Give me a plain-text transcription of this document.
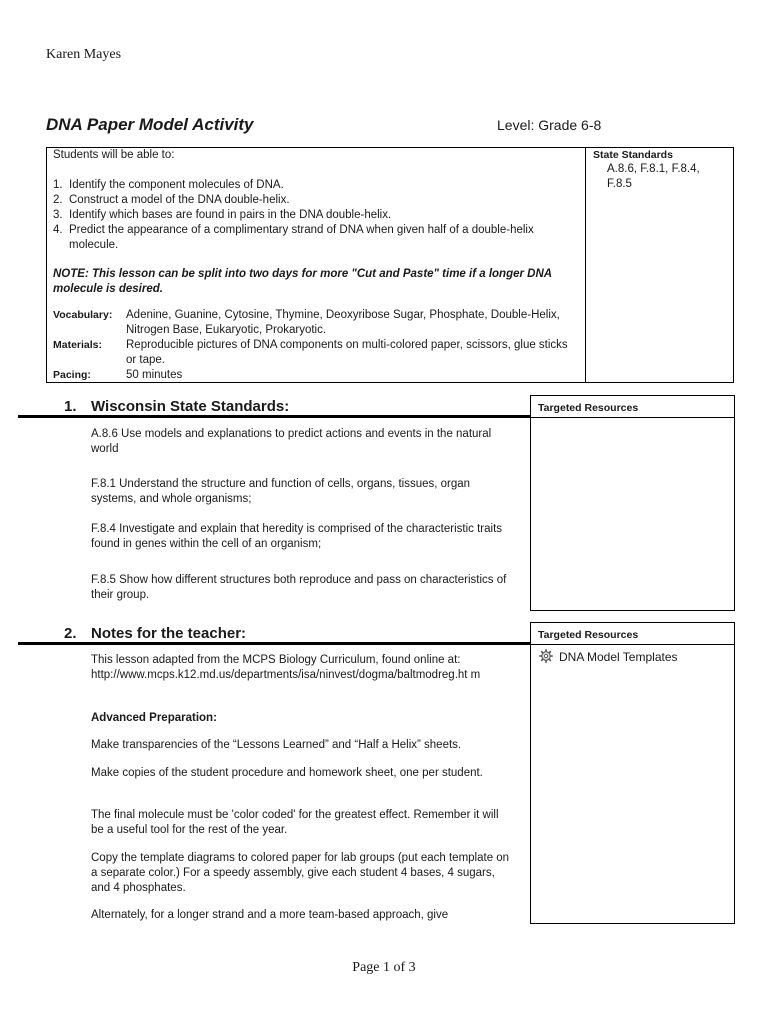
Karen Mayes
DNA Paper Model Activity	Level: Grade 6-8
Students will be able to:
1. Identify the component molecules of DNA.
2. Construct a model of the DNA double-helix.
3. Identify which bases are found in pairs in the DNA double-helix.
4. Predict the appearance of a complimentary strand of DNA when given half of a double-helix molecule.
NOTE: This lesson can be split into two days for more "Cut and Paste" time if a longer DNA molecule is desired.
Vocabulary: Adenine, Guanine, Cytosine, Thymine, Deoxyribose Sugar, Phosphate, Double-Helix, Nitrogen Base, Eukaryotic, Prokaryotic.
Materials: Reproducible pictures of DNA components on multi-colored paper, scissors, glue sticks or tape.
Pacing:	50 minutes
State Standards
A.8.6, F.8.1, F.8.4, F.8.5
1. Wisconsin State Standards:	Targeted Resources
A.8.6 Use models and explanations to predict actions and events in the natural world
F.8.1 Understand the structure and function of cells, organs, tissues, organ systems, and whole organisms;
F.8.4 Investigate and explain that heredity is comprised of the characteristic traits found in genes within the cell of an organism;
F.8.5 Show how different structures both reproduce and pass on characteristics of their group.
2. Notes for the teacher:	Targeted Resources
DNA Model Templates
This lesson adapted from the MCPS Biology Curriculum, found online at: http://www.mcps.k12.md.us/departments/isa/ninvest/dogma/baltmodreg.ht m
Advanced Preparation:
Make transparencies of the “Lessons Learned” and “Half a Helix” sheets.
Make copies of the student procedure and homework sheet, one per student.
The final molecule must be 'color coded' for the greatest effect. Remember it will be a useful tool for the rest of the year.
Copy the template diagrams to colored paper for lab groups (put each template on a separate color.) For a speedy assembly, give each student 4 bases, 4 sugars, and 4 phosphates.
Alternately, for a longer strand and a more team-based approach, give
Page 1 of 3
